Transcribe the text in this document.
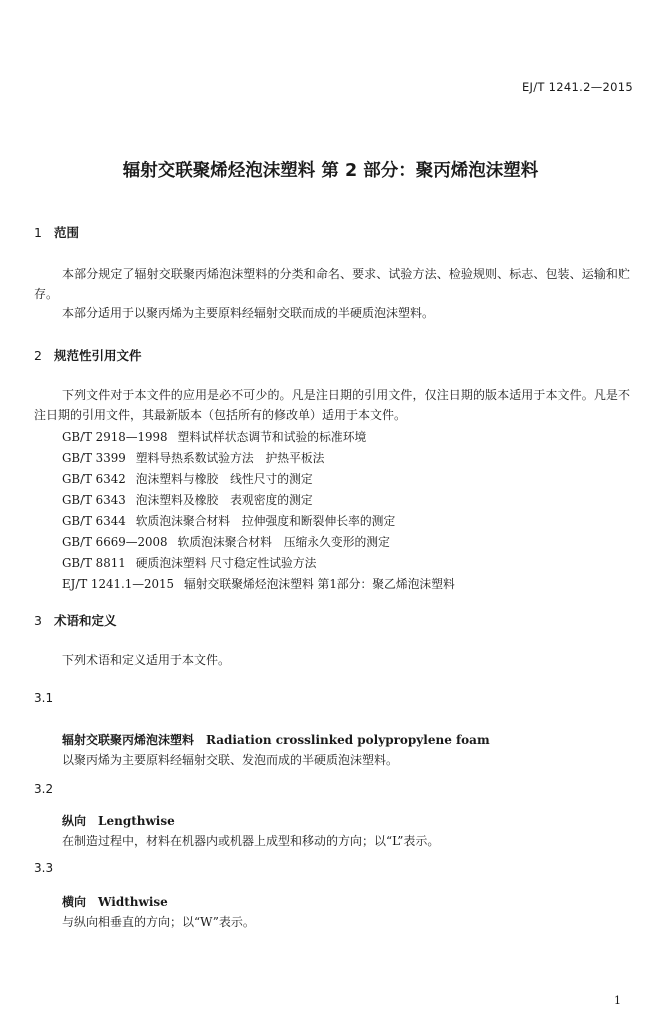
EJ/T 1241.2—2015
辐射交联聚烯烃泡沫塑料 第 2 部分：聚丙烯泡沫塑料
1 范围
本部分规定了辐射交联聚丙烯泡沫塑料的分类和命名、要求、试验方法、检验规则、标志、包装、运输和贮存。
本部分适用于以聚丙烯为主要原料经辐射交联而成的半硬质泡沫塑料。
2 规范性引用文件
下列文件对于本文件的应用是必不可少的。凡是注日期的引用文件，仅注日期的版本适用于本文件。凡是不注日期的引用文件，其最新版本（包括所有的修改单）适用于本文件。
GB/T 2918—1998 塑料试样状态调节和试验的标准环境
GB/T 3399 塑料导热系数试验方法　护热平板法
GB/T 6342 泡沫塑料与橡胶　线性尺寸的测定
GB/T 6343 泡沫塑料及橡胶　表观密度的测定
GB/T 6344 软质泡沫聚合材料　拉伸强度和断裂伸长率的测定
GB/T 6669—2008 软质泡沫聚合材料　压缩永久变形的测定
GB/T 8811 硬质泡沫塑料 尺寸稳定性试验方法
EJ/T 1241.1—2015 辐射交联聚烯烃泡沫塑料 第1部分：聚乙烯泡沫塑料
3 术语和定义
下列术语和定义适用于本文件。
3.1
辐射交联聚丙烯泡沫塑料 Radiation crosslinked polypropylene foam
以聚丙烯为主要原料经辐射交联、发泡而成的半硬质泡沫塑料。
3.2
纵向 Lengthwise
在制造过程中，材料在机器内或机器上成型和移动的方向；以“L”表示。
3.3
横向 Widthwise
与纵向相垂直的方向；以“W”表示。
1
